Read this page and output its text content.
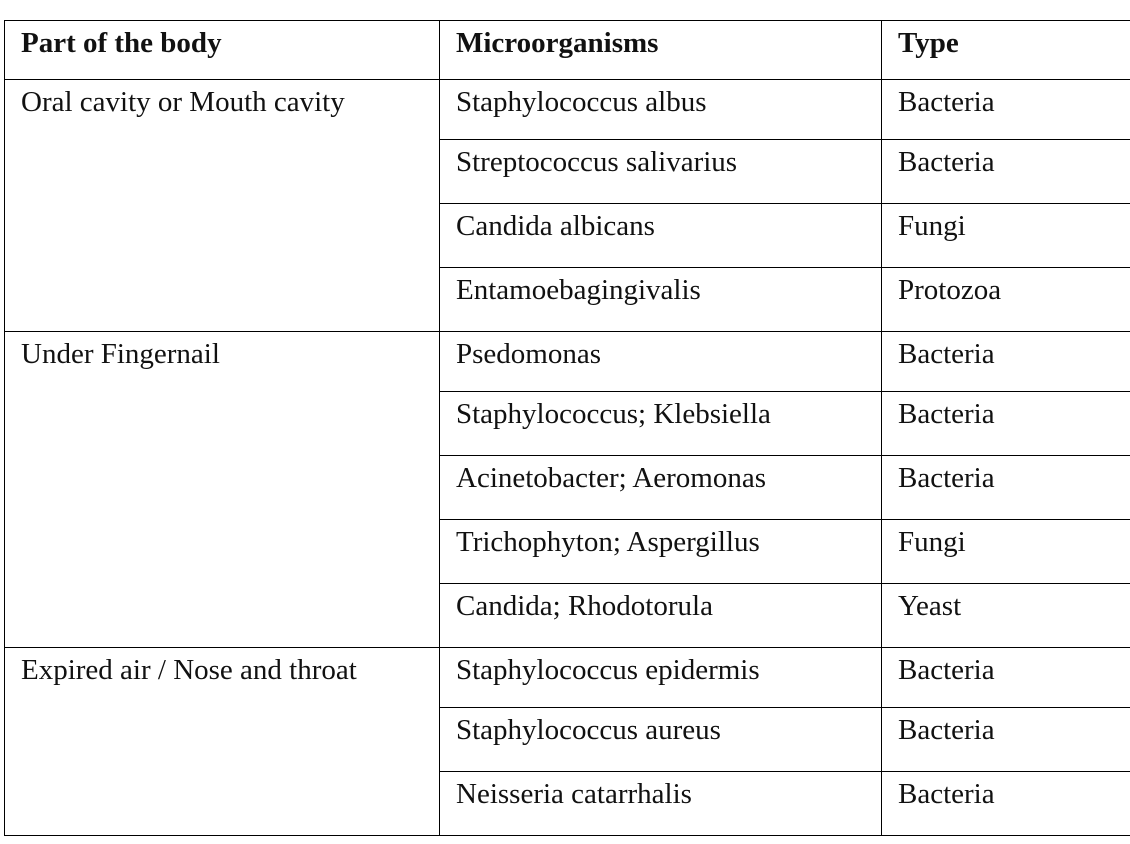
Part of the body	Microorganisms	Type
Oral cavity or Mouth cavity	Staphylococcus albus	Bacteria
	Streptococcus salivarius	Bacteria
	Candida albicans	Fungi
	Entamoebagingivalis	Protozoa
Under Fingernail	Psedomonas	Bacteria
	Staphylococcus; Klebsiella	Bacteria
	Acinetobacter; Aeromonas	Bacteria
	Trichophyton; Aspergillus	Fungi
	Candida; Rhodotorula	Yeast
Expired air / Nose and throat	Staphylococcus epidermis	Bacteria
	Staphylococcus aureus	Bacteria
	Neisseria catarrhalis	Bacteria
